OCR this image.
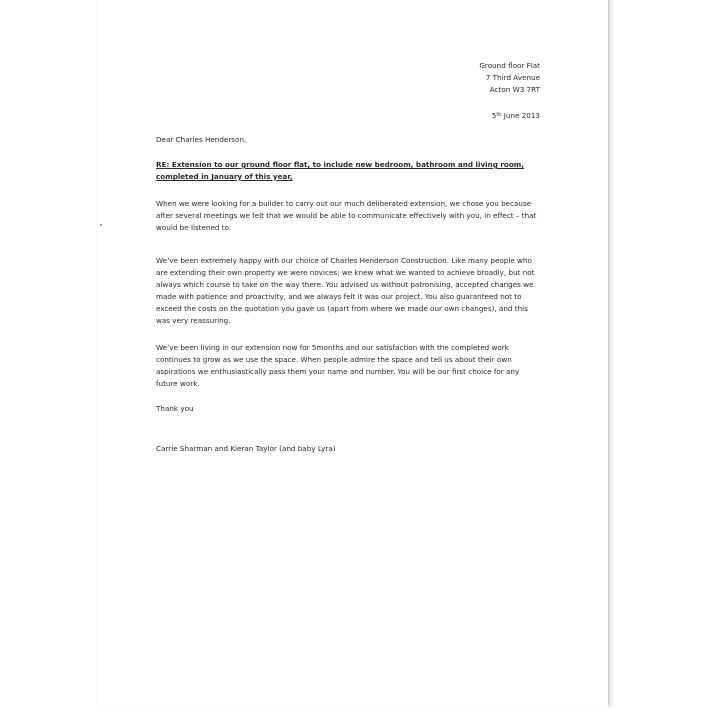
Ground floor Flat
7 Third Avenue
Acton W3 7RT
5th June 2013
Dear Charles Henderson,
RE: Extension to our ground floor flat, to include new bedroom, bathroom and living room, completed in January of this year,
When we were looking for a builder to carry out our much deliberated extension, we chose you because after several meetings we felt that we would be able to communicate effectively with you, in effect – that would be listened to.
We’ve been extremely happy with our choice of Charles Henderson Construction. Like many people who are extending their own property we were novices; we knew what we wanted to achieve broadly, but not always which course to take on the way there. You advised us without patronising, accepted changes we made with patience and proactivity, and we always felt it was our project. You also guaranteed not to exceed the costs on the quotation you gave us (apart from where we made our own changes), and this was very reassuring.
We’ve been living in our extension now for 5months and our satisfaction with the completed work continues to grow as we use the space. When people admire the space and tell us about their own aspirations we enthusiastically pass them your name and number. You will be our first choice for any future work.
Thank you
Carrie Sharman and Kieran Taylor (and baby Lyra)
